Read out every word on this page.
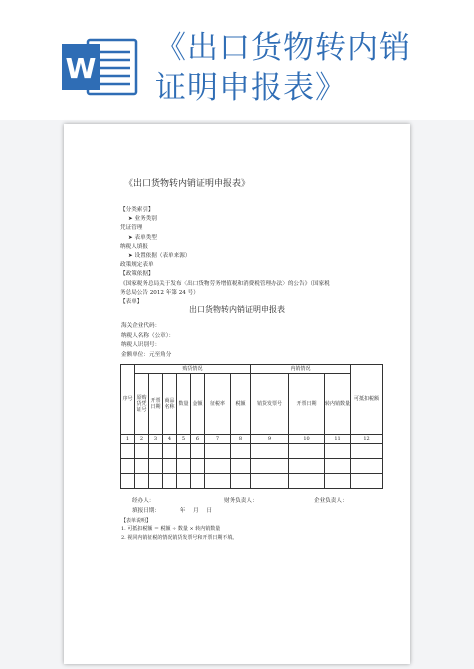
W
《出口货物转内销
证明申报表》
《出口货物转内销证明申报表》
【分类索引】
➤ 业务类别
凭证管理
➤ 表单类型
纳税人填报
➤ 设置依据（表单来源）
政策规定表单
【政策依据】
《国家税务总局关于发布〈出口货物劳务增值税和消费税管理办法〉的公告》（国家税
务总局公告 2012 年第 24 号）
【表单】
出口货物转内销证明申报表
海关企业代码：
纳税人名称（公章）：
纳税人识别号：
金额单位：元至角分
序号	购货情况							内销情况			可抵扣税额
	原购货凭证号	开票日期	商品名称	数量	金额	征税率	税额	销货发票号	开票日期	转内销数量	
1	2	3	4	5	6	7	8	9	10	11	12

经办人：	财务负责人：	企业负责人：
填报日期：	年 月 日
【表单说明】
1. 可抵扣税额 ＝ 税额 ÷ 数量 × 转内销数量
2. 视同内销征税的情况销货发票号和开票日期不填。
